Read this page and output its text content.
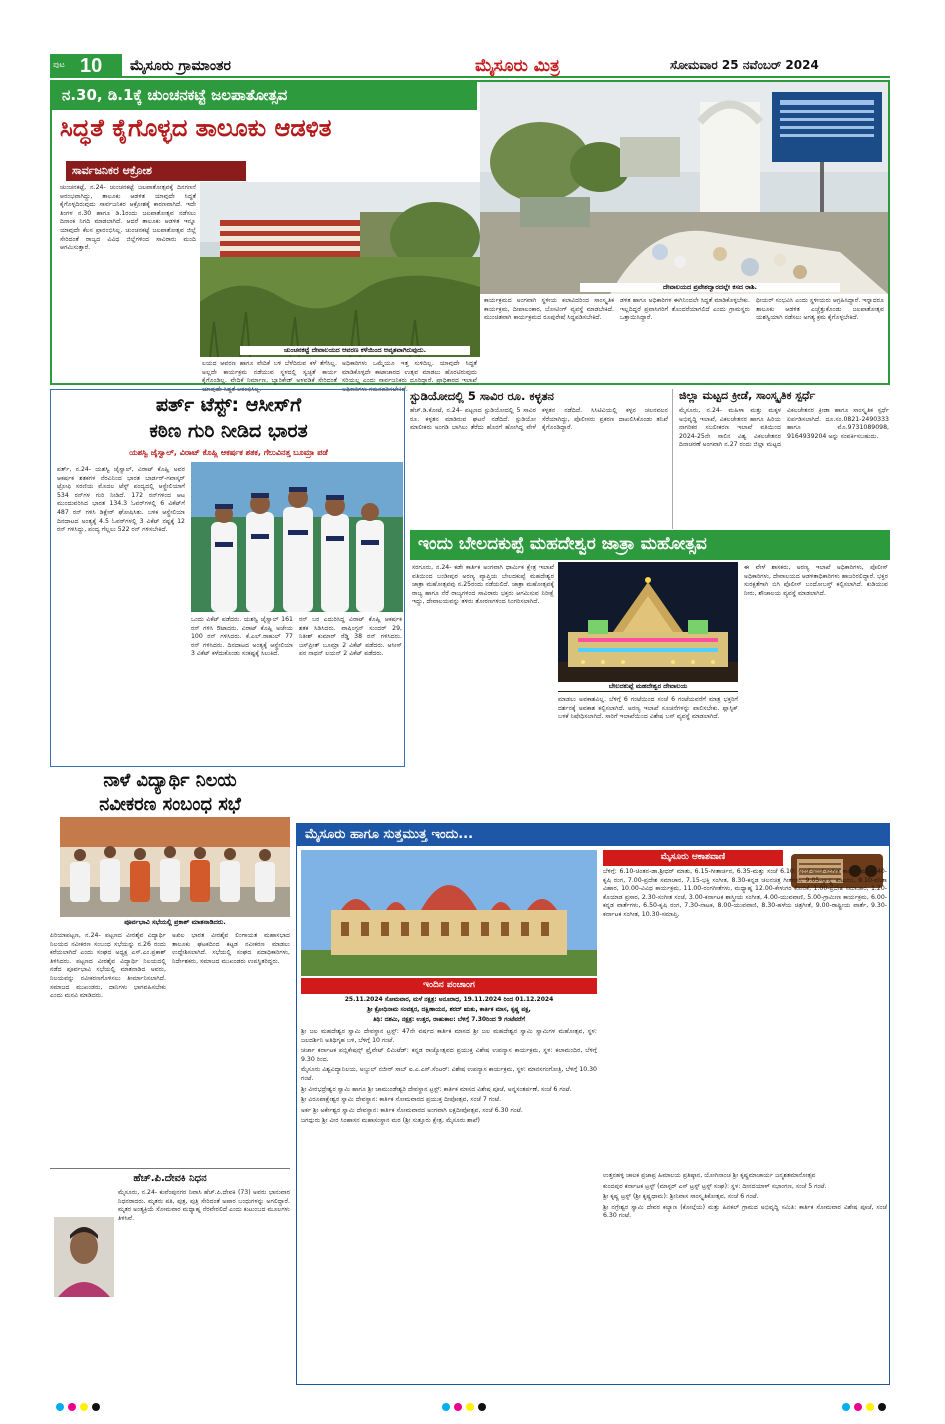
ಪುಟ 10 ಮೈಸೂರು ಗ್ರಾಮಾಂತರ	ಮೈಸೂರು ಮಿತ್ರ	ಸೋಮವಾರ 25 ನವೆಂಬರ್ 2024
ನ.30, ಡಿ.1ಕ್ಕೆ ಚುಂಚನಕಟ್ಟೆ ಜಲಪಾತೋತ್ಸವ
ಸಿದ್ಧತೆ ಕೈಗೊಳ್ಳದ ತಾಲೂಕು ಆಡಳಿತ
ಸಾರ್ವಜನಿಕರ ಆಕ್ರೋಶ
ಚುಂಚನಕಟ್ಟೆ ದೇವಾಲಯದ ಆವರಣ ಕಳೆಯಿಂದ ಆವೃತವಾಗಿರುವುದು.
ದೇವಾಲಯದ ಪ್ರವೇಶದ್ವಾರದಲ್ಲೇ ಕಸದ ರಾಶಿ.
ಚುಂಚನಕಟ್ಟೆ, ನ.24- ಚುಂಚನಕಟ್ಟೆ ಜಲಪಾತೋತ್ಸವಕ್ಕೆ ದಿನಗಣನೆ ಆರಂಭವಾಗಿದ್ದು, ತಾಲೂಕು ಆಡಳಿತ ಯಾವುದೇ ಸಿದ್ಧತೆ ಕೈಗೊಳ್ಳದಿರುವುದು ಸಾರ್ವಜನಿಕರ ಆಕ್ರೋಶಕ್ಕೆ ಕಾರಣವಾಗಿದೆ. ಇದೇ ತಿಂಗಳ ನ.30 ಹಾಗೂ ಡಿ.1ರಂದು ಜಲಪಾತೋತ್ಸವ ನಡೆಸಲು ದಿನಾಂಕ ನಿಗದಿ ಮಾಡಲಾಗಿದೆ. ಆದರೆ ತಾಲೂಕು ಆಡಳಿತ ಇನ್ನೂ ಯಾವುದೇ ಕೆಲಸ ಪ್ರಾರಂಭಿಸಿಲ್ಲ. ಚುಂಚನಕಟ್ಟೆ ಜಲಪಾತೋತ್ಸವ ಜಿಲ್ಲೆ ಸೇರಿದಂತೆ ರಾಜ್ಯದ ವಿವಿಧ ಜಿಲ್ಲೆಗಳಿಂದ ಸಾವಿರಾರು ಮಂದಿ ಆಗಮಿಸುತ್ತಾರೆ.
ಲಯದ ಆವರಣ ಹಾಗೂ ವೇದಿಕೆ ಬಳಿ ಬೆಳೆದಿರುವ ಕಳೆ ತೆಗೆಸಿಲ್ಲ. ಅಲ್ಲದೇ ಕಾರ್ಯಕ್ರಮ ನಡೆಯುವ ಸ್ಥಳದಲ್ಲಿ ಸ್ವಚ್ಛತೆ ಕಾರ್ಯ ಕೈಗೊಂಡಿಲ್ಲ. ವೇದಿಕೆ ನಿರ್ಮಾಣ, ಬ್ಯಾರಿಕೇಡ್ ಅಳವಡಿಕೆ ಸೇರಿದಂತೆ ಯಾವುದೇ ಸಿದ್ಧತೆ ಆರಂಭಿಸಿಲ್ಲ.
ಅಧಿಕಾರಿಗಳು ಒಮ್ಮೆಯೂ ಇತ್ತ ಸುಳಿದಿಲ್ಲ. ಯಾವುದೇ ಸಿದ್ಧತೆ ಮಾಡಿಕೊಳ್ಳದೇ ಕಾಟಾಚಾರದ ಉತ್ಸವ ಮಾಡಲು ಹೊರಟಿರುವುದು ಸರಿಯಲ್ಲ ಎಂದು ಸಾರ್ವಜನಿಕರು ದೂರಿದ್ದಾರೆ. ಪ್ರಾಧಿಕಾರದ ಇಲಾಖೆ ಅಧಿಕಾರಿಗಳು ಗಮನಹರಿಸಬೇಕಿದೆ.
ಕಾರ್ಯಕ್ರಮದ ಅಂಗವಾಗಿ ಸ್ಥಳೀಯ ಕಲಾವಿದರಿಂದ ಸಾಂಸ್ಕೃತಿಕ ಕಾರ್ಯಕ್ರಮ, ದೀಪಾಲಂಕಾರ, ಬೋಟಿಂಗ್ ವ್ಯವಸ್ಥೆ ಮಾಡಬೇಕಿದೆ. ಮುಂಚಿತವಾಗಿ ಕಾರ್ಯಕ್ರಮದ ರೂಪುರೇಷೆ ಸಿದ್ಧಪಡಿಸಬೇಕಿದೆ.
ಡಳಿತ ಹಾಗೂ ಅಧಿಕಾರಿಗಳ ಈಗಿನಿಂದಲೇ ಸಿದ್ಧತೆ ಮಾಡಿಕೊಳ್ಳಬೇಕು. ಇಲ್ಲದಿದ್ದರೆ ಪ್ರವಾಸಿಗರಿಗೆ ತೊಂದರೆಯಾಗಲಿದೆ ಎಂದು ಗ್ರಾಮಸ್ಥರು ಒತ್ತಾಯಿಸಿದ್ದಾರೆ.
ಥೀಯರ್ ಸಂಭವಿಸಿ ಎಂದು ಸ್ಥಳೀಯರು ಆಗ್ರಹಿಸಿದ್ದಾರೆ. ಇನ್ನಾದರೂ ತಾಲೂಕು ಆಡಳಿತ ಎಚ್ಚೆತ್ತುಕೊಂಡು ಜಲಪಾತೋತ್ಸವ ಯಶಸ್ವಿಯಾಗಿ ನಡೆಸಲು ಅಗತ್ಯ ಕ್ರಮ ಕೈಗೊಳ್ಳಬೇಕಿದೆ.
ಪರ್ತ್ ಟೆಸ್ಟ್: ಆಸೀಸ್‌ಗೆ
ಕಠಿಣ ಗುರಿ ನೀಡಿದ ಭಾರತ
ಯಶಸ್ವಿ ಜೈಸ್ವಾಲ್, ವಿರಾಟ್ ಕೊಹ್ಲಿ ಆಕರ್ಷಕ ಶತಕ, ಗೆಲುವಿನತ್ತ ಬೂಮ್ರಾ ಪಡೆ
ಪರ್ತ್, ನ.24- ಯಶಸ್ವಿ ಜೈಸ್ವಾಲ್, ವಿರಾಟ್ ಕೊಹ್ಲಿ ಅವರ ಆಕರ್ಷಕ ಶತಕಗಳ ನೆರವಿನಿಂದ ಭಾರತ ಬಾರ್ಡರ್-ಗವಾಸ್ಕರ್ ಟ್ರೋಫಿ ಸರಣಿಯ ಮೊದಲ ಟೆಸ್ಟ್ ಪಂದ್ಯದಲ್ಲಿ ಆಸ್ಟ್ರೇಲಿಯಾಗೆ 534 ರನ್‌ಗಳ ಗುರಿ ನೀಡಿದೆ. 172 ರನ್‌ಗಳಿಂದ ಆಟ ಮುಂದುವರಿಸಿದ ಭಾರತ 134.3 ಓವರ್‌ಗಳಲ್ಲಿ 6 ವಿಕೆಟ್‌ಗೆ 487 ರನ್ ಗಳಿಸಿ ಡಿಕ್ಲೇರ್ ಘೋಷಿಸಿತು. ಬಳಿಕ ಆಸ್ಟ್ರೇಲಿಯಾ ದಿನದಾಟದ ಅಂತ್ಯಕ್ಕೆ 4.5 ಓವರ್‌ಗಳಲ್ಲಿ 3 ವಿಕೆಟ್ ನಷ್ಟಕ್ಕೆ 12 ರನ್ ಗಳಿಸಿದ್ದು, ಪಂದ್ಯ ಗೆಲ್ಲಲು 522 ರನ್ ಗಳಿಸಬೇಕಿದೆ.
ಒಂದು ವಿಕೆಟ್ ಪಡೆದರು. ಯಶಸ್ವಿ ಜೈಸ್ವಾಲ್ 161 ರನ್ ಗಳಿಸಿ ಔಟಾದರು. ವಿರಾಟ್ ಕೊಹ್ಲಿ ಅಜೇಯ 100 ರನ್ ಗಳಿಸಿದರು. ಕೆ.ಎಲ್.ರಾಹುಲ್ 77 ರನ್ ಗಳಿಸಿದರು. ದಿನದಾಟದ ಅಂತ್ಯಕ್ಕೆ ಆಸ್ಟ್ರೇಲಿಯಾ 3 ವಿಕೆಟ್ ಕಳೆದುಕೊಂಡು ಸಂಕಷ್ಟಕ್ಕೆ ಸಿಲುಕಿದೆ.
ರನ್ ಬರ ಎದುರಿಸಿದ್ದ ವಿರಾಟ್ ಕೊಹ್ಲಿ ಆಕರ್ಷಕ ಶತಕ ಸಿಡಿಸಿದರು. ವಾಷಿಂಗ್ಟನ್ ಸುಂದರ್ 29, ನಿತೀಶ್ ಕುಮಾರ್ ರೆಡ್ಡಿ 38 ರನ್ ಗಳಿಸಿದರು. ಜಸ್‌ಪ್ರೀತ್ ಬೂಮ್ರಾ 2 ವಿಕೆಟ್ ಪಡೆದರು. ಆಸೀಸ್ ಪರ ನಾಥನ್ ಲಯನ್ 2 ವಿಕೆಟ್ ಪಡೆದರು.
ಸ್ಟುಡಿಯೋದಲ್ಲಿ 5 ಸಾವಿರ ರೂ. ಕಳ್ಳತನ
ಹೆಚ್.ಡಿ.ಕೋಟೆ, ನ.24- ಪಟ್ಟಣದ ಸ್ಟುಡಿಯೋದಲ್ಲಿ 5 ಸಾವಿರ ರೂ. ಕಳ್ಳತನ ಮಾಡಿರುವ ಘಟನೆ ನಡೆದಿದೆ. ಸ್ಟುಡಿಯೋ ಮಾಲೀಕರು ಅಂಗಡಿ ಬಾಗಿಲು ತೆರೆದು ಹೊರಗೆ ಹೋಗಿದ್ದ ವೇಳೆ ಕಳ್ಳತನ ನಡೆದಿದೆ. ಸಿಸಿಟಿವಿಯಲ್ಲಿ ಕಳ್ಳನ ಚಲನವಲನ ಸೆರೆಯಾಗಿದ್ದು, ಪೊಲೀಸರು ಪ್ರಕರಣ ದಾಖಲಿಸಿಕೊಂಡು ತನಿಖೆ ಕೈಗೊಂಡಿದ್ದಾರೆ.
ಜಿಲ್ಲಾ ಮಟ್ಟದ ಕ್ರೀಡೆ, ಸಾಂಸ್ಕೃತಿಕ ಸ್ಪರ್ಧೆ
ಮೈಸೂರು, ನ.24- ಮಹಿಳಾ ಮತ್ತು ಮಕ್ಕಳ ಅಭಿವೃದ್ಧಿ ಇಲಾಖೆ, ವಿಕಲಚೇತನರ ಹಾಗೂ ಹಿರಿಯ ನಾಗರಿಕರ ಸಬಲೀಕರಣ ಇಲಾಖೆ ವತಿಯಿಂದ 2024-25ನೇ ಸಾಲಿನ ವಿಶ್ವ ವಿಕಲಚೇತನರ ದಿನಾಚರಣೆ ಅಂಗವಾಗಿ ನ.27 ರಂದು ಜಿಲ್ಲಾ ಮಟ್ಟದ ವಿಕಲಚೇತನರ ಕ್ರೀಡಾ ಹಾಗೂ ಸಾಂಸ್ಕೃತಿಕ ಸ್ಪರ್ಧೆ ಏರ್ಪಡಿಸಲಾಗಿದೆ. ದೂ.ಸಂ.0821-2490333 ಹಾಗೂ ಮೊ.9731089098, 9164939204 ಅನ್ನು ಸಂಪರ್ಕಿಸಬಹುದು.
ಇಂದು ಬೇಲದಕುಪ್ಪೆ ಮಹದೇಶ್ವರ ಜಾತ್ರಾ ಮಹೋತ್ಸವ
ಬೇಲದಕುಪ್ಪೆ ಮಹದೇಶ್ವರ ದೇವಾಲಯ
ಸರಗೂರು, ನ.24- ಕಡೇ ಕಾರ್ತಿಕ ಅಂಗವಾಗಿ ಧಾರ್ಮಿಕ ಕ್ಷೇತ್ರ ಇಲಾಖೆ ವತಿಯಿಂದ ಬಂಡೀಪುರ ಅರಣ್ಯ ವ್ಯಾಪ್ತಿಯ ಬೇಲದಕುಪ್ಪೆ ಮಹದೇಶ್ವರ ಜಾತ್ರಾ ಮಹೋತ್ಸವವು ನ.25ರಂದು ನಡೆಯಲಿದೆ. ಜಾತ್ರಾ ಮಹೋತ್ಸವಕ್ಕೆ ರಾಜ್ಯ ಹಾಗೂ ನೆರೆ ರಾಜ್ಯಗಳಿಂದ ಸಾವಿರಾರು ಭಕ್ತರು ಆಗಮಿಸುವ ನಿರೀಕ್ಷೆ ಇದ್ದು, ದೇವಾಲಯವನ್ನು ತಳಿರು ತೋರಣಗಳಿಂದ ಸಿಂಗರಿಸಲಾಗಿದೆ.
ಮಾಡಲು ಅವಕಾಶವಿಲ್ಲ. ಬೆಳಿಗ್ಗೆ 6 ಗಂಟೆಯಿಂದ ಸಂಜೆ 6 ಗಂಟೆಯವರೆಗೆ ಮಾತ್ರ ಭಕ್ತರಿಗೆ ದರ್ಶನಕ್ಕೆ ಅವಕಾಶ ಕಲ್ಪಿಸಲಾಗಿದೆ. ಅರಣ್ಯ ಇಲಾಖೆ ಸೂಚನೆಗಳನ್ನು ಪಾಲಿಸಬೇಕು. ಪ್ಲಾಸ್ಟಿಕ್ ಬಳಕೆ ನಿಷೇಧಿಸಲಾಗಿದೆ. ಸಾರಿಗೆ ಇಲಾಖೆಯಿಂದ ವಿಶೇಷ ಬಸ್ ವ್ಯವಸ್ಥೆ ಮಾಡಲಾಗಿದೆ.
ಈ ವೇಳೆ ಶಾಸಕರು, ಅರಣ್ಯ ಇಲಾಖೆ ಅಧಿಕಾರಿಗಳು, ಪೊಲೀಸ್ ಅಧಿಕಾರಿಗಳು, ದೇವಾಲಯದ ಆಡಳಿತಾಧಿಕಾರಿಗಳು ಹಾಜರಿರಲಿದ್ದಾರೆ. ಭಕ್ತರ ಸುರಕ್ಷತೆಗಾಗಿ ಬಿಗಿ ಪೊಲೀಸ್ ಬಂದೋಬಸ್ತ್ ಕಲ್ಪಿಸಲಾಗಿದೆ. ಕುಡಿಯುವ ನೀರು, ಶೌಚಾಲಯ ವ್ಯವಸ್ಥೆ ಮಾಡಲಾಗಿದೆ.
ನಾಳೆ ವಿದ್ಯಾರ್ಥಿ ನಿಲಯ
ನವೀಕರಣ ಸಂಬಂಧ ಸಭೆ
ಪೂರ್ವಭಾವಿ ಸಭೆಯಲ್ಲಿ ಪ್ರಕಾಶ್ ಮಾತನಾಡಿದರು.
ಪಿರಿಯಾಪಟ್ಟಣ, ನ.24- ಪಟ್ಟಣದ ವೀರಶೈವ ವಿದ್ಯಾರ್ಥಿ ನಿಲಯದ ನವೀಕರಣ ಸಂಬಂಧ ಸಭೆಯನ್ನು ನ.26 ರಂದು ಕರೆಯಲಾಗಿದೆ ಎಂದು ಸಂಘದ ಅಧ್ಯಕ್ಷ ಎಸ್.ಎಂ.ಪ್ರಕಾಶ್ ತಿಳಿಸಿದರು. ಪಟ್ಟಣದ ವೀರಶೈವ ವಿದ್ಯಾರ್ಥಿ ನಿಲಯದಲ್ಲಿ ನಡೆದ ಪೂರ್ವಭಾವಿ ಸಭೆಯಲ್ಲಿ ಮಾತನಾಡಿದ ಅವರು, ನಿಲಯವನ್ನು ನವೀಕರಣಗೊಳಿಸಲು ತೀರ್ಮಾನಿಸಲಾಗಿದೆ. ಸಮಾಜದ ಮುಖಂಡರು, ದಾನಿಗಳು ಭಾಗವಹಿಸಬೇಕು ಎಂದು ಮನವಿ ಮಾಡಿದರು.
ಅಖಿಲ ಭಾರತ ವೀರಶೈವ ಲಿಂಗಾಯತ ಮಹಾಸಭಾದ ತಾಲೂಕು ಘಟಕದಿಂದ ಕಟ್ಟಡ ನವೀಕರಣ ಮಾಡಲು ಉದ್ದೇಶಿಸಲಾಗಿದೆ. ಸಭೆಯಲ್ಲಿ ಸಂಘದ ಪದಾಧಿಕಾರಿಗಳು, ನಿರ್ದೇಶಕರು, ಸಮಾಜದ ಮುಖಂಡರು ಉಪಸ್ಥಿತರಿದ್ದರು.
ಹೆಚ್.ಪಿ.ದೇವಕಿ ನಿಧನ
ಮೈಸೂರು, ನ.24- ಕುವೆಂಪುನಗರ ನಿವಾಸಿ ಹೆಚ್.ಪಿ.ದೇವಕಿ (73) ಅವರು ಭಾನುವಾರ ನಿಧನರಾದರು. ಮೃತರು ಪತಿ, ಪುತ್ರ, ಪುತ್ರಿ ಸೇರಿದಂತೆ ಅಪಾರ ಬಂಧುಗಳನ್ನು ಅಗಲಿದ್ದಾರೆ. ಮೃತರ ಅಂತ್ಯಕ್ರಿಯೆ ಸೋಮವಾರ ಮಧ್ಯಾಹ್ನ ನೆರವೇರಲಿದೆ ಎಂದು ಕುಟುಂಬದ ಮೂಲಗಳು ತಿಳಿಸಿವೆ.
ಮೈಸೂರು ಹಾಗೂ ಸುತ್ತಮುತ್ತ ಇಂದು...
ಇಂದಿನ ಪಂಚಾಂಗ
25.11.2024 ಸೋಮವಾರ, ಮಳೆ ನಕ್ಷತ್ರ: ಅನೂರಾಧ, 19.11.2024 ರಿಂದ 01.12.2024
ಶ್ರೀ ಕ್ರೋಧಿನಾಮ ಸಂವತ್ಸರ, ದಕ್ಷಿಣಾಯನ, ಶರದ್ ಋತು, ಕಾರ್ತಿಕ ಮಾಸ, ಕೃಷ್ಣ ಪಕ್ಷ,
ತಿಥಿ: ದಶಮಿ, ನಕ್ಷತ್ರ: ಉತ್ತರ, ರಾಹುಕಾಲ: ಬೆಳಿಗ್ಗೆ 7.30ರಿಂದ 9 ಗಂಟೆವರೆಗೆ

ಶ್ರೀ ಜಲ ಮಹದೇಶ್ವರ ಸ್ವಾಮಿ ದೇವಸ್ಥಾನ ಟ್ರಸ್ಟ್: 47ನೇ ವರ್ಷದ ಕಾರ್ತಿಕ ಮಾಸದ ಶ್ರೀ ಜಲ ಮಹದೇಶ್ವರ ಸ್ವಾಮಿ ಸ್ವಾಮಿಗಳ ಮಹೋತ್ಸವ, ಸ್ಥಳ: ಜಲದರ್ಶಿನಿ ಅತಿಥಿಗೃಹ ಬಳಿ, ಬೆಳಿಗ್ಗೆ 10 ಗಂಟೆ.

ಚರ್ಚಾ ಕರ್ನಾಟಕ ಪಬ್ಲಿಕೇಷನ್ಸ್ ಪ್ರೈವೇಟ್ ಲಿಮಿಟೆಡ್: ಕನ್ನಡ ರಾಜ್ಯೋತ್ಸವದ ಪ್ರಯುಕ್ತ ವಿಶೇಷ ಉಪನ್ಯಾಸ ಕಾರ್ಯಕ್ರಮ, ಸ್ಥಳ: ಕಲಾಮಂದಿರ, ಬೆಳಿಗ್ಗೆ 9.30 ರಿಂದ.

ಮೈಸೂರು ವಿಶ್ವವಿದ್ಯಾನಿಲಯ, ಅಬ್ದುಲ್ ನಜೀರ್ ಸಾಬ್ ಐ.ಎ.ಎಸ್.ಸೆಂಟರ್: ವಿಶೇಷ ಉಪನ್ಯಾಸ ಕಾರ್ಯಕ್ರಮ, ಸ್ಥಳ: ಮಾನಸಗಂಗೋತ್ರಿ, ಬೆಳಿಗ್ಗೆ 10.30 ಗಂಟೆ.

ಶ್ರೀ ವೀರಭದ್ರೇಶ್ವರ ಸ್ವಾಮಿ ಹಾಗೂ ಶ್ರೀ ಚಾಮುಂಡೇಶ್ವರಿ ದೇವಸ್ಥಾನ ಟ್ರಸ್ಟ್: ಕಾರ್ತಿಕ ಮಾಸದ ವಿಶೇಷ ಪೂಜೆ, ಅನ್ನಸಂತರ್ಪಣೆ, ಸಂಜೆ 6 ಗಂಟೆ.

ಶ್ರೀ ವಿರೂಪಾಕ್ಷೇಶ್ವರ ಸ್ವಾಮಿ ದೇವಸ್ಥಾನ: ಕಾರ್ತಿಕ ಸೋಮವಾರದ ಪ್ರಯುಕ್ತ ದೀಪೋತ್ಸವ, ಸಂಜೆ 7 ಗಂಟೆ.

ಅರ್ಕ ಶ್ರೀ ಅರ್ಕೇಶ್ವರ ಸ್ವಾಮಿ ದೇವಸ್ಥಾನ: ಕಾರ್ತಿಕ ಸೋಮವಾರದ ಅಂಗವಾಗಿ ಲಕ್ಷದೀಪೋತ್ಸವ, ಸಂಜೆ 6.30 ಗಂಟೆ.

ಜಗದ್ಗುರು ಶ್ರೀ ವೀರ ಸಿಂಹಾಸನ ಮಹಾಸಂಸ್ಥಾನ ಮಠ (ಶ್ರೀ ಸುತ್ತೂರು ಕ್ಷೇತ್ರ, ಮೈಸೂರು ಶಾಖೆ)

ಮೈಸೂರು ಆಕಾಶವಾಣಿ
ಬೆಳಿಗ್ಗೆ: 6.10-ಚಿಂತನ-ಡಾ.ಶ್ರೀಧರ್ ಮಾತು, 6.15-ಗೀತಾರ್ಚನ, 6.35-ಮತ್ತು ಸಂಜೆ 6.10: ಅಂಚೆ-ಅಂಚೆ-ಸಂಗೀತ ಕಾರ್ಯಕ್ರಮ, 6.40-ಕೃಷಿ ರಂಗ, 7.00-ಪ್ರದೇಶ ಸಮಾಚಾರ, 7.15-ಭಕ್ತಿ ಸಂಗೀತ, 8.30-ಕನ್ನಡ ಚಲನಚಿತ್ರ ಗೀತೆಗಳು, 9.05-ಸ್ವಾಸ್ಥ್ಯ ಕುಟುಂಬ, 9.10-ವನಿತಾ ವಿಹಾರ, 10.00-ವಿವಿಧ ಕಾರ್ಯಕ್ರಮ, 11.00-ರಂಗಗೀತೆಗಳು, ಮಧ್ಯಾಹ್ನ 12.00-ಕೇಳುಗರ ಕೋರಿಕೆ, 1.00-ಪ್ರದೇಶ ಸಮಾಚಾರ, 1.20-ಕೊಯಾಡ ಪ್ರಸಾರ, 2.30-ಸಂಗೀತ ಸಂಜೆ, 3.00-ಕರ್ನಾಟಕ ಶಾಸ್ತ್ರೀಯ ಸಂಗೀತ, 4.00-ಯುವವಾಣಿ, 5.00-ಗ್ರಾಮೀಣ ಕಾರ್ಯಕ್ರಮ, 6.00-ಕನ್ನಡ ವಾರ್ತೆಗಳು, 6.50-ಕೃಷಿ ರಂಗ, 7.30-ನಾಟಕ, 8.00-ಯುವವಾಣಿ, 8.30-ಹಳೆಯ ಚಿತ್ರಗೀತೆ, 9.00-ರಾಷ್ಟ್ರೀಯ ವಾರ್ತೆ, 9.30-ಕರ್ನಾಟಕ ಸಂಗೀತ, 10.30-ಸಮಾಪ್ತಿ.

ಉತ್ತನಹಳ್ಳಿ ಚಾಲಕ ಪ್ರಜಾಪ್ರ ಹಿಮಾಲಯ ಪ್ರತಿಷ್ಠಾನ, ಯೋಗಿನಾಂಚ ಶ್ರೀ ಕೃಷ್ಣಮಾಚಾರ್ಯ ಜನ್ಮಶತಮಾನೋತ್ಸವ

ಕುಂದಪುರ ಕರ್ನಾಟಕ ಟ್ರಸ್ಟ್ (ಮಾಸ್ಟರ್ ಎಸ್ ಟ್ರಸ್ಟ್ ಟ್ರಸ್ಟ್ ಸಂಘ): ಸ್ಥಳ: ದೀನದಯಾಳ್ ಸಭಾಂಗಣ, ಸಂಜೆ 5 ಗಂಟೆ.

ಶ್ರೀ ಕೃಷ್ಣ ಟ್ರಸ್ಟ್ (ಶ್ರೀ ಕೃಷ್ಣಧಾಮ): ಶ್ರೀನಿವಾಸ ಸಾಂಸ್ಕೃತಿಕೋತ್ಸವ, ಸಂಜೆ 6 ಗಂಟೆ.

ಶ್ರೀ ನಗ್ರೇಶ್ವರ ಸ್ವಾಮಿ ದೇವರ ಕಲ್ಯಾಣ (ಕೋಲ್ಗೆಯ) ಮತ್ತು ಹಿನಕಲ್ ಗ್ರಾಮದ ಅಭಿವೃದ್ಧಿ ಸಮಿತಿ: ಕಾರ್ತಿಕ ಸೋಮವಾರ ವಿಶೇಷ ಪೂಜೆ, ಸಂಜೆ 6.30 ಗಂಟೆ.
